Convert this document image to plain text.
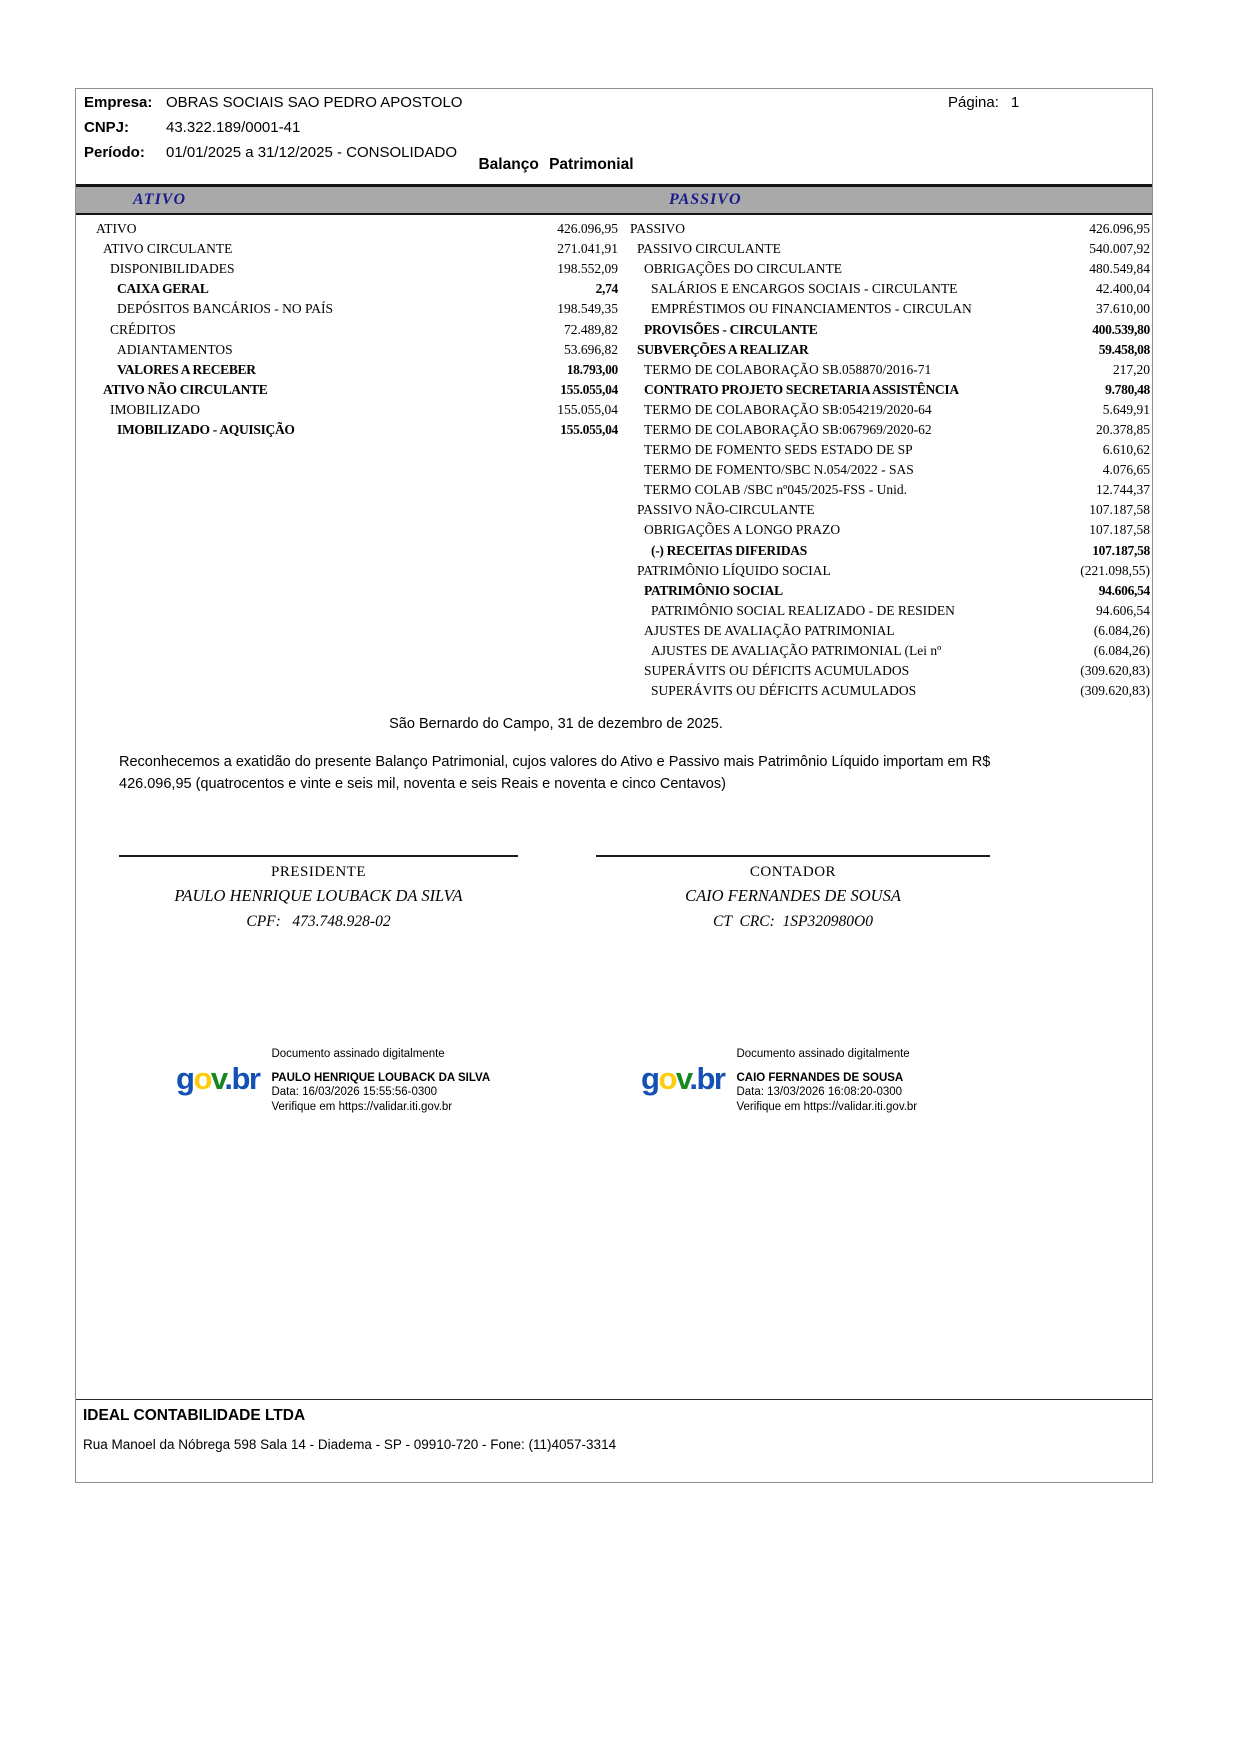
Empresa: OBRAS SOCIAIS SAO PEDRO APOSTOLO	Página: 1
CNPJ:	43.322.189/0001-41
Período:	01/01/2025 a 31/12/2025 - CONSOLIDADO
Balanço Patrimonial
ATIVO	PASSIVO
ATIVO	426.096,95
ATIVO CIRCULANTE	271.041,91
DISPONIBILIDADES	198.552,09
CAIXA GERAL	2,74
DEPÓSITOS BANCÁRIOS - NO PAÍS	198.549,35
CRÉDITOS	72.489,82
ADIANTAMENTOS	53.696,82
VALORES A RECEBER	18.793,00
ATIVO NÃO CIRCULANTE	155.055,04
IMOBILIZADO	155.055,04
IMOBILIZADO - AQUISIÇÃO	155.055,04
PASSIVO	426.096,95
PASSIVO CIRCULANTE	540.007,92
OBRIGAÇÕES DO CIRCULANTE	480.549,84
SALÁRIOS E ENCARGOS SOCIAIS - CIRCULANTE	42.400,04
EMPRÉSTIMOS OU FINANCIAMENTOS - CIRCULAN	37.610,00
PROVISÕES - CIRCULANTE	400.539,80
SUBVERÇÕES A REALIZAR	59.458,08
TERMO DE COLABORAÇÃO SB.058870/2016-71	217,20
CONTRATO PROJETO SECRETARIA ASSISTÊNCIA	9.780,48
TERMO DE COLABORAÇÃO SB:054219/2020-64	5.649,91
TERMO DE COLABORAÇÃO SB:067969/2020-62	20.378,85
TERMO DE FOMENTO SEDS ESTADO DE SP	6.610,62
TERMO DE FOMENTO/SBC N.054/2022 - SAS	4.076,65
TERMO COLAB /SBC nº045/2025-FSS - Unid.	12.744,37
PASSIVO NÃO-CIRCULANTE	107.187,58
OBRIGAÇÕES A LONGO PRAZO	107.187,58
(-) RECEITAS DIFERIDAS	107.187,58
PATRIMÔNIO LÍQUIDO SOCIAL	(221.098,55)
PATRIMÔNIO SOCIAL	94.606,54
PATRIMÔNIO SOCIAL REALIZADO - DE RESIDEN	94.606,54
AJUSTES DE AVALIAÇÃO PATRIMONIAL	(6.084,26)
AJUSTES DE AVALIAÇÃO PATRIMONIAL (Lei nº	(6.084,26)
SUPERÁVITS OU DÉFICITS ACUMULADOS	(309.620,83)
SUPERÁVITS OU DÉFICITS ACUMULADOS	(309.620,83)
São Bernardo do Campo, 31 de dezembro de 2025.
Reconhecemos a exatidão do presente Balanço Patrimonial, cujos valores do Ativo e Passivo mais Patrimônio Líquido importam em R$
426.096,95 (quatrocentos e vinte e seis mil, noventa e seis Reais e noventa e cinco Centavos)
PRESIDENTE
PAULO HENRIQUE LOUBACK DA SILVA
CPF:   473.748.928-02
CONTADOR
CAIO FERNANDES DE SOUSA
CT  CRC:  1SP320980O0
gov.br
Documento assinado digitalmente
PAULO HENRIQUE LOUBACK DA SILVA
Data: 16/03/2026 15:55:56-0300
Verifique em https://validar.iti.gov.br
gov.br
Documento assinado digitalmente
CAIO FERNANDES DE SOUSA
Data: 13/03/2026 16:08:20-0300
Verifique em https://validar.iti.gov.br
IDEAL CONTABILIDADE LTDA
Rua Manoel da Nóbrega 598 Sala 14 - Diadema - SP - 09910-720 - Fone: (11)4057-3314
